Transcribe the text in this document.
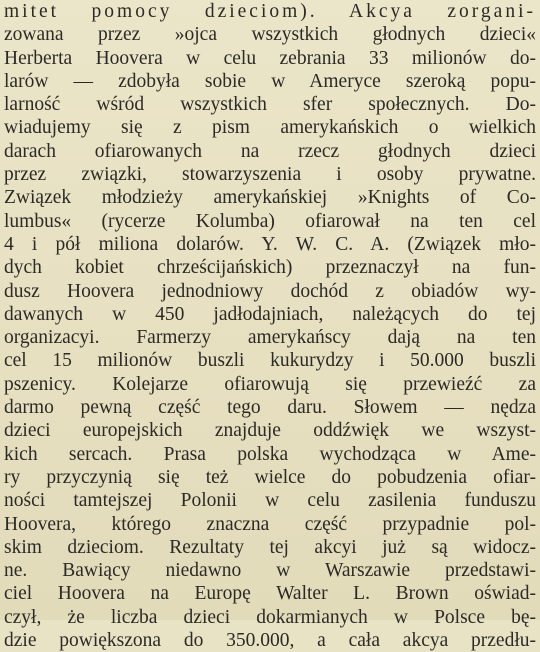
mitet pomocy dzieciom). Akcya zorgani-
zowana przez »ojca wszystkich głodnych dzieci«
Herberta Hoovera w celu zebrania 33 milionów do-
larów — zdobyła sobie w Ameryce szeroką popu-
larność wśród wszystkich sfer społecznych. Do-
wiadujemy się z pism amerykańskich o wielkich
darach ofiarowanych na rzecz głodnych dzieci
przez związki, stowarzyszenia i osoby prywatne.
Związek młodzieży amerykańskiej »Knights of Co-
lumbus« (rycerze Kolumba) ofiarował na ten cel
4 i pół miliona dolarów. Y. W. C. A. (Związek mło-
dych kobiet chrześcijańskich) przeznaczył na fun-
dusz Hoovera jednodniowy dochód z obiadów wy-
dawanych w 450 jadłodajniach, należących do tej
organizacyi. Farmerzy amerykańscy dają na ten
cel 15 milionów buszli kukurydzy i 50.000 buszli
pszenicy. Kolejarze ofiarowują się przewieźć za
darmo pewną część tego daru. Słowem — nędza
dzieci europejskich znajduje oddźwięk we wszyst-
kich sercach. Prasa polska wychodząca w Ame-
ry przyczynią się też wielce do pobudzenia ofiar-
ności tamtejszej Polonii w celu zasilenia funduszu
Hoovera, którego znaczna część przypadnie pol-
skim dzieciom. Rezultaty tej akcyi już są widocz-
ne. Bawiący niedawno w Warszawie przedstawi-
ciel Hoovera na Europę Walter L. Brown oświad-
czył, że liczba dzieci dokarmianych w Polsce bę-
dzie powiększona do 350.000, a cała akcya przedłu-
